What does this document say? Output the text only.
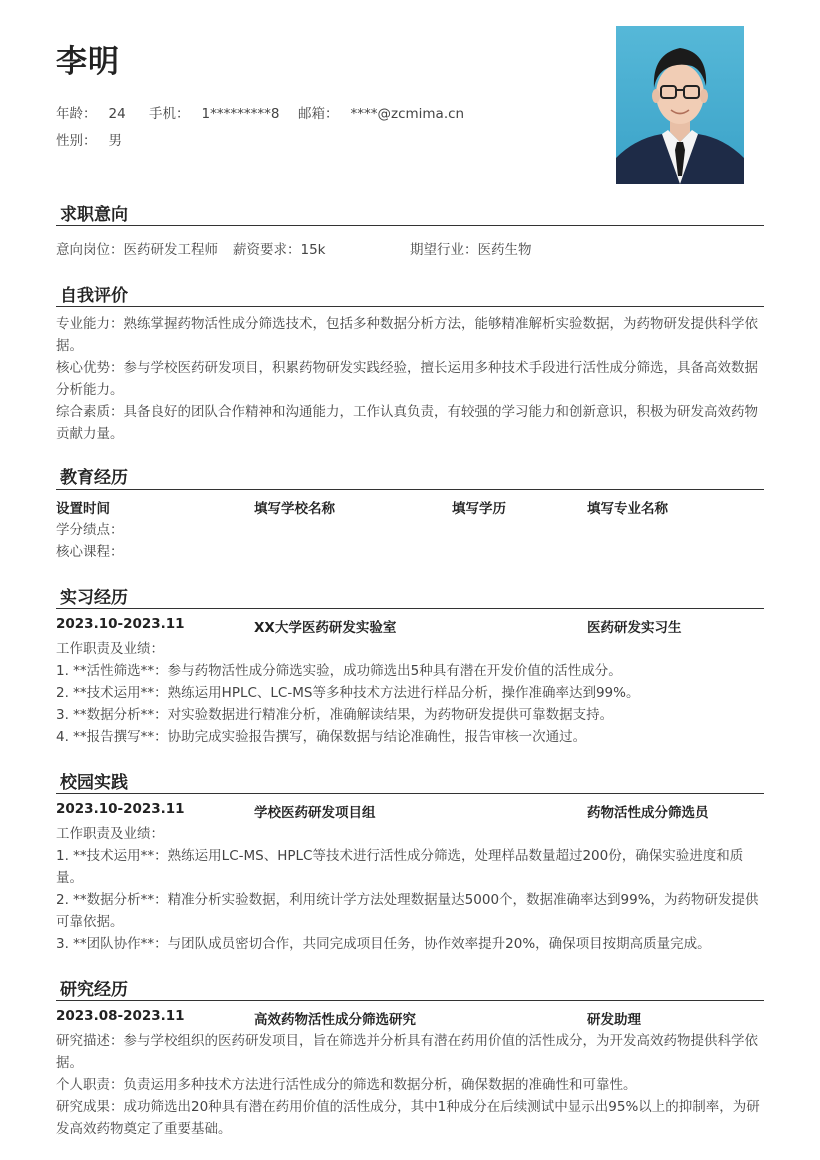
李明
年龄： 24 手机： 1*********8 邮箱： ****@zcmima.cn
性别： 男
求职意向
意向岗位：医药研发工程师 薪资要求：15k	期望行业：医药生物
自我评价
专业能力：熟练掌握药物活性成分筛选技术，包括多种数据分析方法，能够精准解析实验数据，为药物研发提供科学依据。
核心优势：参与学校医药研发项目，积累药物研发实践经验，擅长运用多种技术手段进行活性成分筛选，具备高效数据分析能力。
综合素质：具备良好的团队合作精神和沟通能力，工作认真负责，有较强的学习能力和创新意识，积极为研发高效药物贡献力量。
教育经历
设置时间	填写学校名称	填写学历	填写专业名称
学分绩点：
核心课程：
实习经历
2023.10-2023.11	XX大学医药研发实验室	医药研发实习生
工作职责及业绩：
1. **活性筛选**：参与药物活性成分筛选实验，成功筛选出5种具有潜在开发价值的活性成分。
2. **技术运用**：熟练运用HPLC、LC-MS等多种技术方法进行样品分析，操作准确率达到99%。
3. **数据分析**：对实验数据进行精准分析，准确解读结果，为药物研发提供可靠数据支持。
4. **报告撰写**：协助完成实验报告撰写，确保数据与结论准确性，报告审核一次通过。
校园实践
2023.10-2023.11	学校医药研发项目组	药物活性成分筛选员
工作职责及业绩：
1. **技术运用**：熟练运用LC-MS、HPLC等技术进行活性成分筛选，处理样品数量超过200份，确保实验进度和质量。
2. **数据分析**：精准分析实验数据，利用统计学方法处理数据量达5000个，数据准确率达到99%，为药物研发提供可靠依据。
3. **团队协作**：与团队成员密切合作，共同完成项目任务，协作效率提升20%，确保项目按期高质量完成。
研究经历
2023.08-2023.11	高效药物活性成分筛选研究	研发助理
研究描述：参与学校组织的医药研发项目，旨在筛选并分析具有潜在药用价值的活性成分，为开发高效药物提供科学依据。
个人职责：负责运用多种技术方法进行活性成分的筛选和数据分析，确保数据的准确性和可靠性。
研究成果：成功筛选出20种具有潜在药用价值的活性成分，其中1种成分在后续测试中显示出95%以上的抑制率，为研发高效药物奠定了重要基础。
